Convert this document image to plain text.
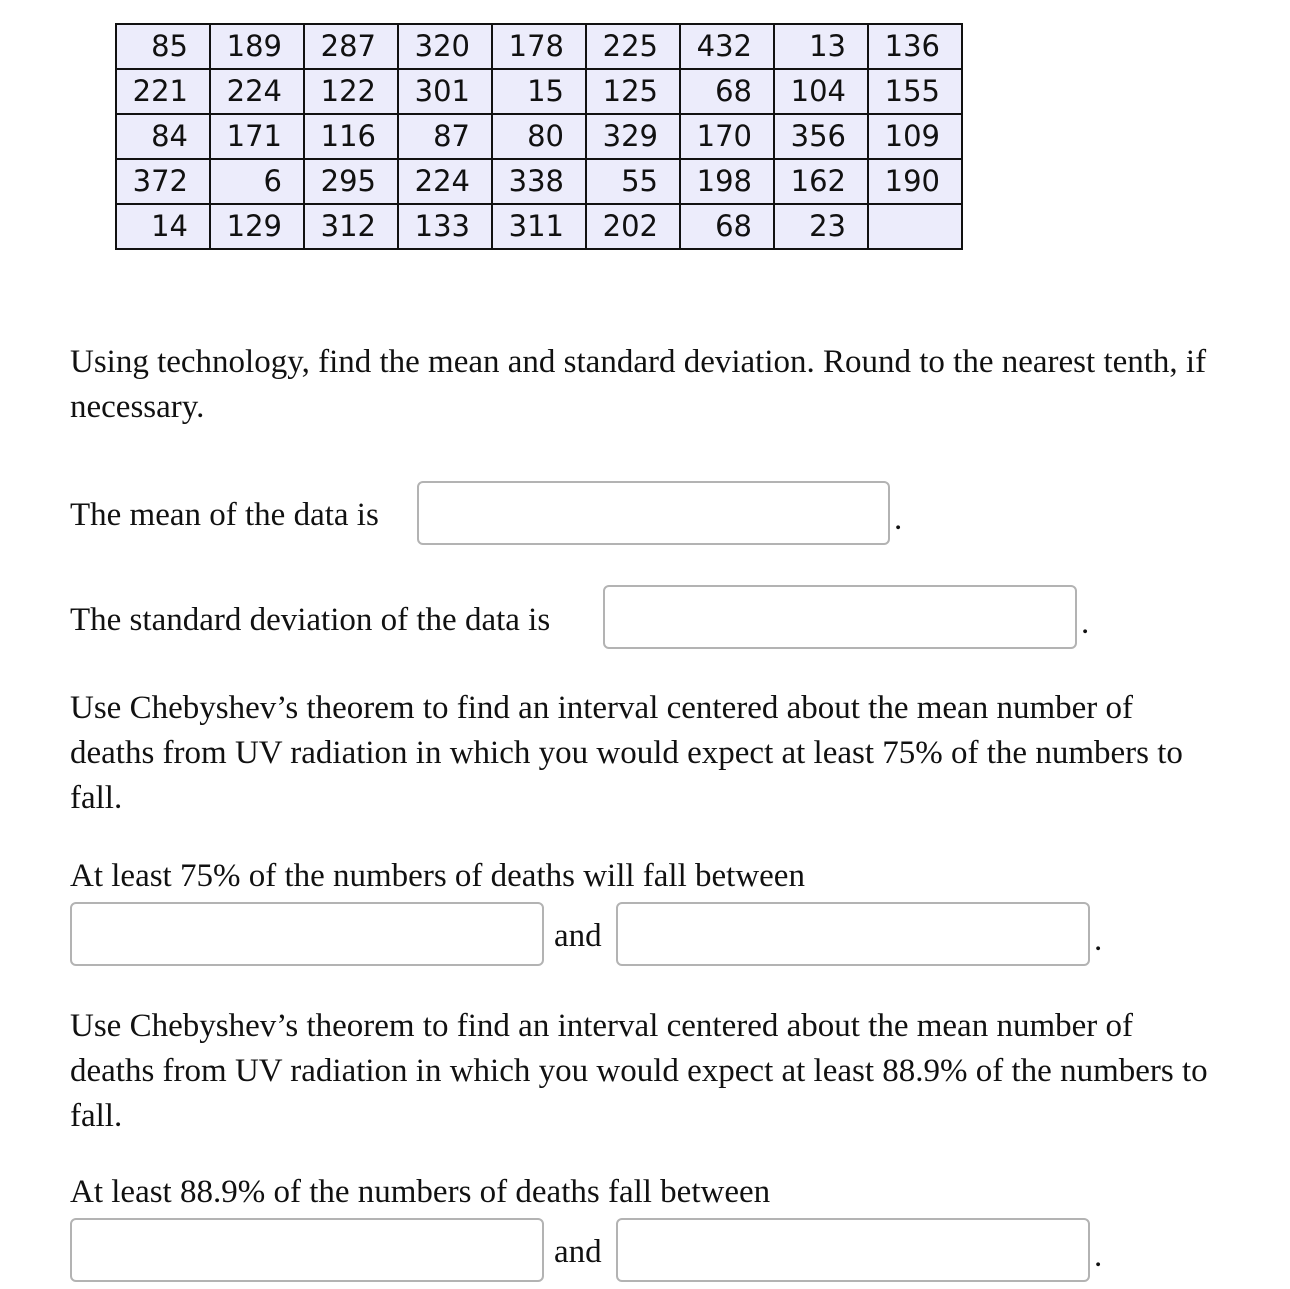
85	189	287	320	178	225	432	13	136
221	224	122	301	15	125	68	104	155
84	171	116	87	80	329	170	356	109
372	6	295	224	338	55	198	162	190
14	129	312	133	311	202	68	23	

Using technology, find the mean and standard deviation. Round to the nearest tenth, if necessary.

The mean of the data is	.
The standard deviation of the data is	.

Use Chebyshev’s theorem to find an interval centered about the mean number of deaths from UV radiation in which you would expect at least 75% of the numbers to fall.

At least 75% of the numbers of deaths will fall between
and	.

Use Chebyshev’s theorem to find an interval centered about the mean number of deaths from UV radiation in which you would expect at least 88.9% of the numbers to fall.

At least 88.9% of the numbers of deaths fall between
and	.
